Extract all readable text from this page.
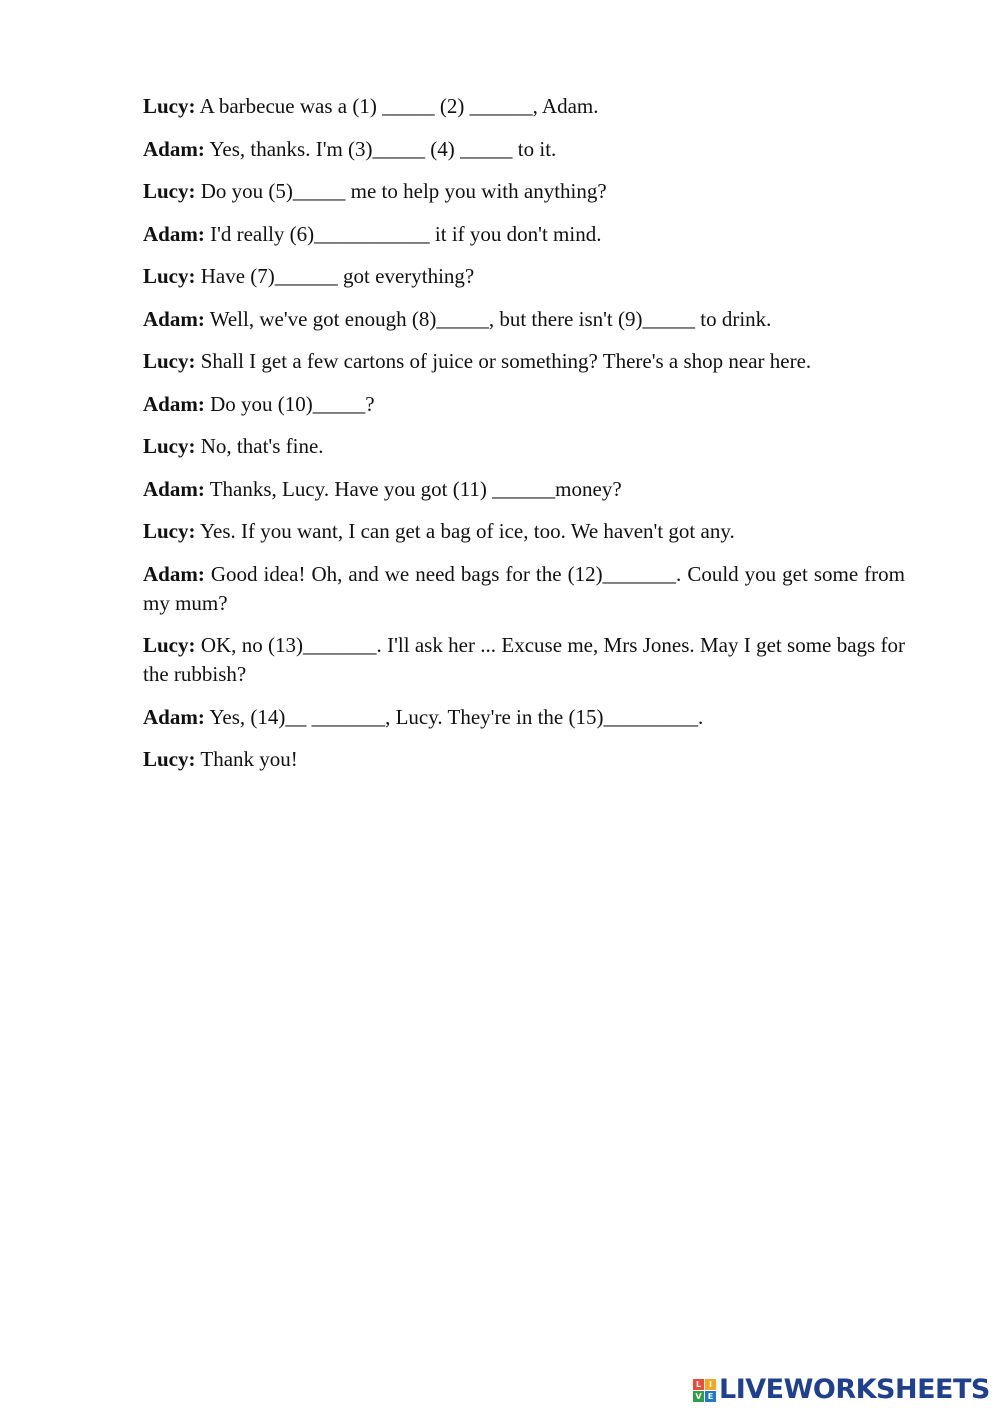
Lucy: A barbecue was a (1) _____ (2) ______, Adam.

Adam: Yes, thanks. I'm (3)_____ (4) _____ to it.

Lucy: Do you (5)_____ me to help you with anything?

Adam: I'd really (6)___________ it if you don't mind.

Lucy: Have (7)______ got everything?

Adam: Well, we've got enough (8)_____, but there isn't (9)_____ to drink.

Lucy: Shall I get a few cartons of juice or something? There's a shop near here.

Adam: Do you (10)_____?

Lucy: No, that's fine.

Adam: Thanks, Lucy. Have you got (11) ______money?

Lucy: Yes. If you want, I can get a bag of ice, too. We haven't got any.

Adam: Good idea! Oh, and we need bags for the (12)_______. Could you get some from my mum?

Lucy: OK, no (13)_______. I'll ask her ... Excuse me, Mrs Jones. May I get some bags for the rubbish?

Adam: Yes, (14)__ _______, Lucy. They're in the (15)_________.

Lucy: Thank you!

L I
V E LIVEWORKSHEETS
